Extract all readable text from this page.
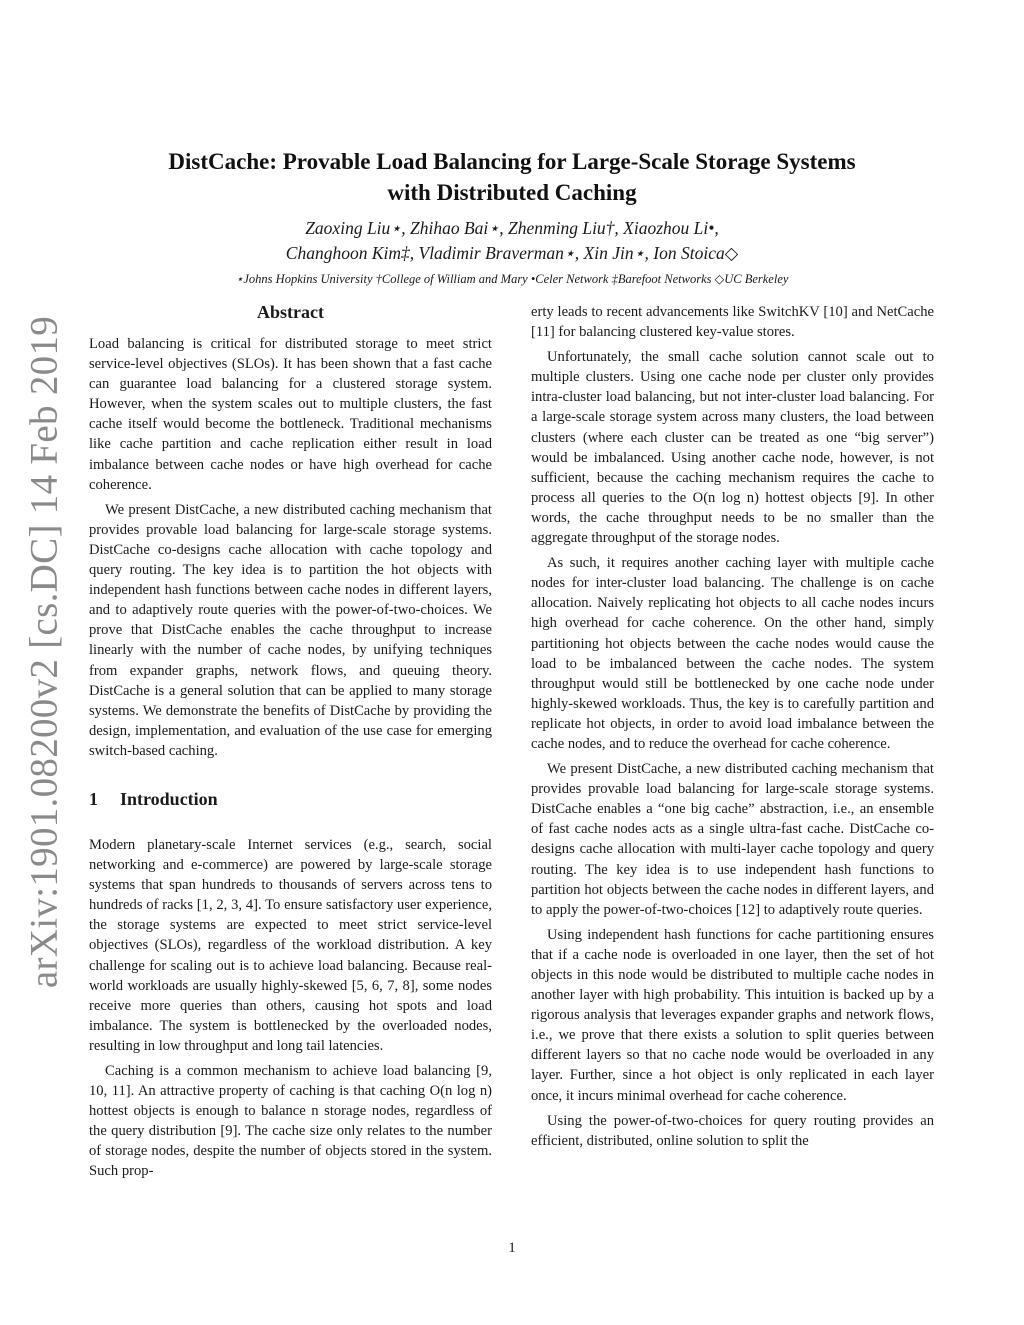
arXiv:1901.08200v2 [cs.DC] 14 Feb 2019
DistCache: Provable Load Balancing for Large-Scale Storage Systems
with Distributed Caching
Zaoxing Liu⋆, Zhihao Bai⋆, Zhenming Liu†, Xiaozhou Li•,
Changhoon Kim‡, Vladimir Braverman⋆, Xin Jin⋆, Ion Stoica◇
⋆Johns Hopkins University †College of William and Mary •Celer Network ‡Barefoot Networks ◇UC Berkeley
Abstract

Load balancing is critical for distributed storage to meet strict service-level objectives (SLOs). It has been shown that a fast cache can guarantee load balancing for a clustered storage system. However, when the system scales out to multiple clusters, the fast cache itself would become the bottleneck. Traditional mechanisms like cache partition and cache replication either result in load imbalance between cache nodes or have high overhead for cache coherence.

We present DistCache, a new distributed caching mechanism that provides provable load balancing for large-scale storage systems. DistCache co-designs cache allocation with cache topology and query routing. The key idea is to partition the hot objects with independent hash functions between cache nodes in different layers, and to adaptively route queries with the power-of-two-choices. We prove that DistCache enables the cache throughput to increase linearly with the number of cache nodes, by unifying techniques from expander graphs, network flows, and queuing theory. DistCache is a general solution that can be applied to many storage systems. We demonstrate the benefits of DistCache by providing the design, implementation, and evaluation of the use case for emerging switch-based caching.

1 Introduction

Modern planetary-scale Internet services (e.g., search, social networking and e-commerce) are powered by large-scale storage systems that span hundreds to thousands of servers across tens to hundreds of racks [1, 2, 3, 4]. To ensure satisfactory user experience, the storage systems are expected to meet strict service-level objectives (SLOs), regardless of the workload distribution. A key challenge for scaling out is to achieve load balancing. Because real-world workloads are usually highly-skewed [5, 6, 7, 8], some nodes receive more queries than others, causing hot spots and load imbalance. The system is bottlenecked by the overloaded nodes, resulting in low throughput and long tail latencies.

Caching is a common mechanism to achieve load balancing [9, 10, 11]. An attractive property of caching is that caching O(n log n) hottest objects is enough to balance n storage nodes, regardless of the query distribution [9]. The cache size only relates to the number of storage nodes, despite the number of objects stored in the system. Such prop-

erty leads to recent advancements like SwitchKV [10] and NetCache [11] for balancing clustered key-value stores.

Unfortunately, the small cache solution cannot scale out to multiple clusters. Using one cache node per cluster only provides intra-cluster load balancing, but not inter-cluster load balancing. For a large-scale storage system across many clusters, the load between clusters (where each cluster can be treated as one “big server”) would be imbalanced. Using another cache node, however, is not sufficient, because the caching mechanism requires the cache to process all queries to the O(n log n) hottest objects [9]. In other words, the cache throughput needs to be no smaller than the aggregate throughput of the storage nodes.

As such, it requires another caching layer with multiple cache nodes for inter-cluster load balancing. The challenge is on cache allocation. Naively replicating hot objects to all cache nodes incurs high overhead for cache coherence. On the other hand, simply partitioning hot objects between the cache nodes would cause the load to be imbalanced between the cache nodes. The system throughput would still be bottlenecked by one cache node under highly-skewed workloads. Thus, the key is to carefully partition and replicate hot objects, in order to avoid load imbalance between the cache nodes, and to reduce the overhead for cache coherence.

We present DistCache, a new distributed caching mechanism that provides provable load balancing for large-scale storage systems. DistCache enables a “one big cache” abstraction, i.e., an ensemble of fast cache nodes acts as a single ultra-fast cache. DistCache co-designs cache allocation with multi-layer cache topology and query routing. The key idea is to use independent hash functions to partition hot objects between the cache nodes in different layers, and to apply the power-of-two-choices [12] to adaptively route queries.

Using independent hash functions for cache partitioning ensures that if a cache node is overloaded in one layer, then the set of hot objects in this node would be distributed to multiple cache nodes in another layer with high probability. This intuition is backed up by a rigorous analysis that leverages expander graphs and network flows, i.e., we prove that there exists a solution to split queries between different layers so that no cache node would be overloaded in any layer. Further, since a hot object is only replicated in each layer once, it incurs minimal overhead for cache coherence.

Using the power-of-two-choices for query routing provides an efficient, distributed, online solution to split the

1
